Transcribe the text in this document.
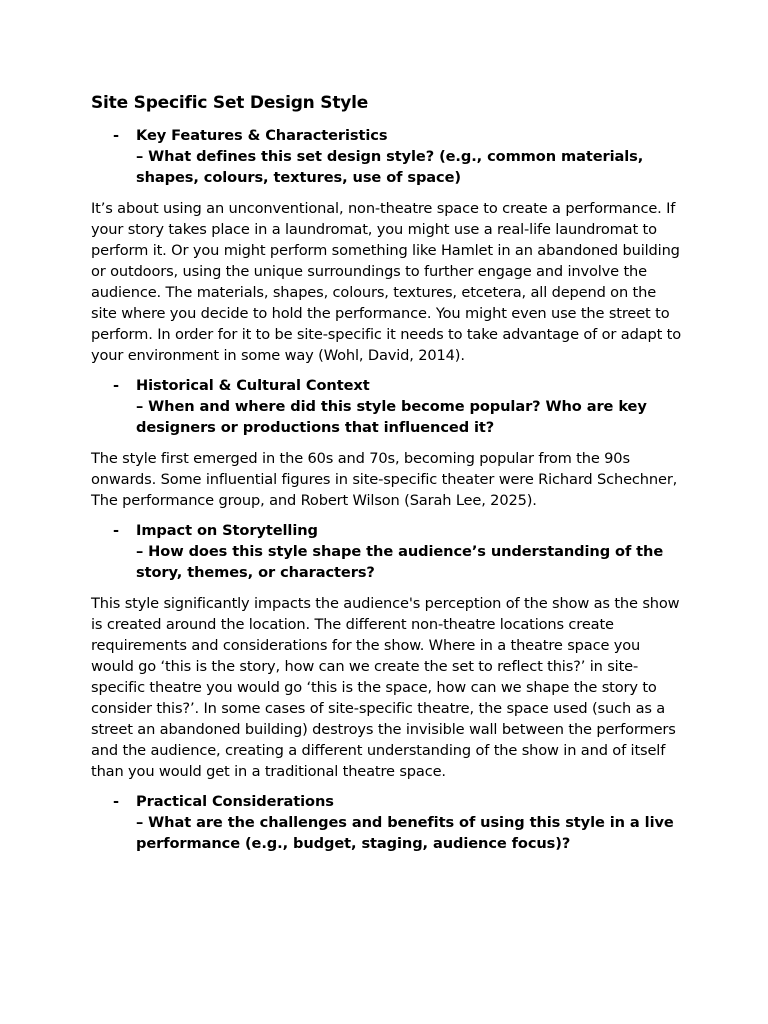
Site Specific Set Design Style
- Key Features & Characteristics
– What defines this set design style? (e.g., common materials, shapes, colours, textures, use of space)

It’s about using an unconventional, non-theatre space to create a performance. If your story takes place in a laundromat, you might use a real-life laundromat to perform it. Or you might perform something like Hamlet in an abandoned building or outdoors, using the unique surroundings to further engage and involve the audience. The materials, shapes, colours, textures, etcetera, all depend on the site where you decide to hold the performance. You might even use the street to perform. In order for it to be site-specific it needs to take advantage of or adapt to your environment in some way (Wohl, David, 2014).

- Historical & Cultural Context
– When and where did this style become popular? Who are key designers or productions that influenced it?

The style first emerged in the 60s and 70s, becoming popular from the 90s onwards. Some influential figures in site-specific theater were Richard Schechner, The performance group, and Robert Wilson (Sarah Lee, 2025).

- Impact on Storytelling
– How does this style shape the audience’s understanding of the story, themes, or characters?

This style significantly impacts the audience's perception of the show as the show is created around the location. The different non-theatre locations create requirements and considerations for the show. Where in a theatre space you would go ‘this is the story, how can we create the set to reflect this?’ in site-specific theatre you would go ‘this is the space, how can we shape the story to consider this?’. In some cases of site-specific theatre, the space used (such as a street an abandoned building) destroys the invisible wall between the performers and the audience, creating a different understanding of the show in and of itself than you would get in a traditional theatre space.

- Practical Considerations
– What are the challenges and benefits of using this style in a live performance (e.g., budget, staging, audience focus)?
